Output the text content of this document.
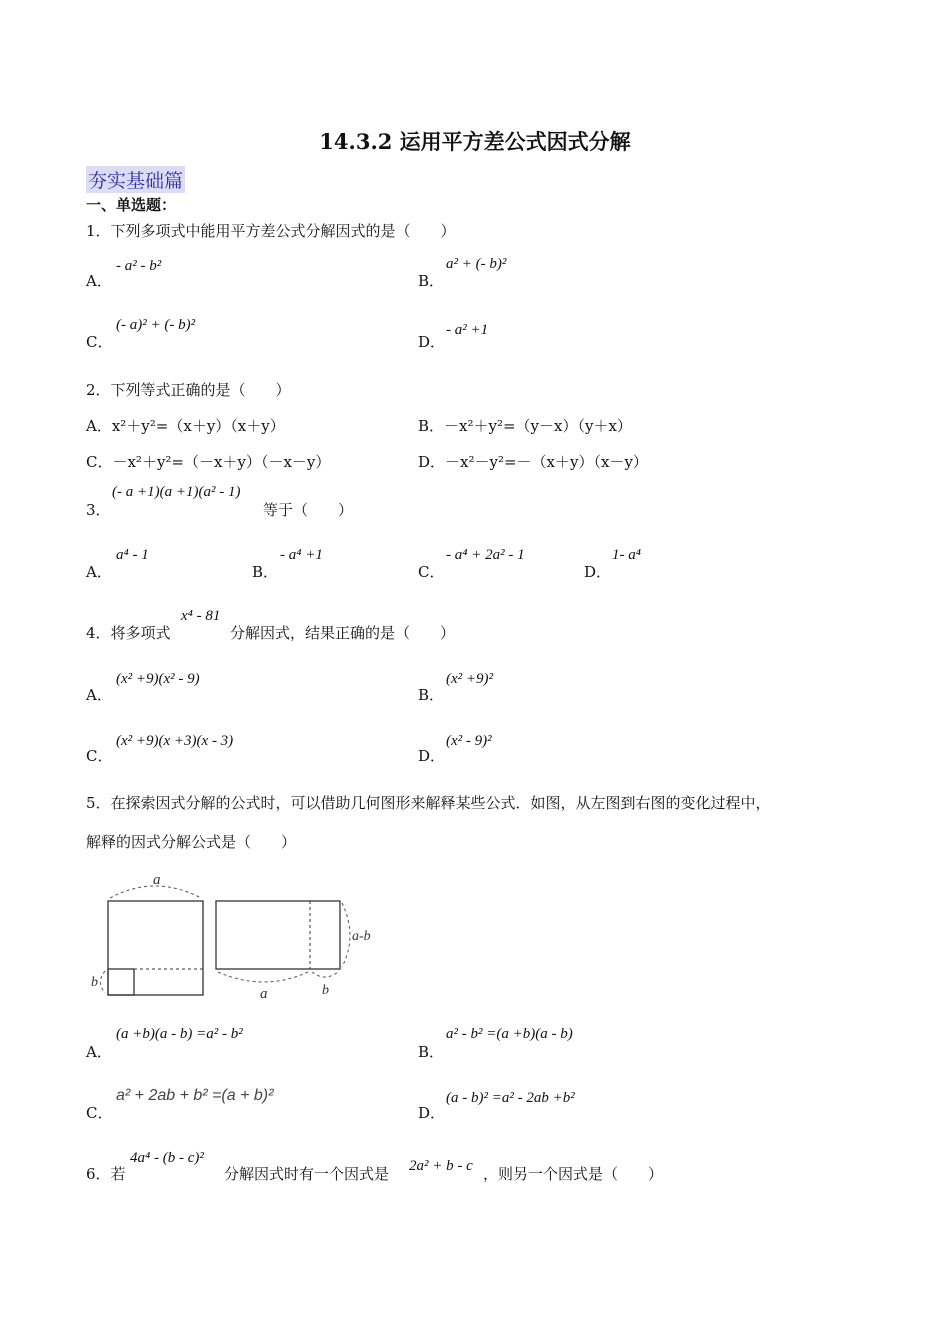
14.3.2 运用平方差公式因式分解
夯实基础篇
一、单选题：
1．下列多项式中能用平方差公式分解因式的是（　　）
A．
- a² - b²
B．
a² + (- b)²
C．
(- a)² + (- b)²
D．
- a² +1
2．下列等式正确的是（　　）
A．x²＋y²=（x＋y）（x＋y）	B．－x²＋y²=（y－x）（y＋x）
C．－x²＋y²=（－x＋y）（－x－y）	D．－x²－y²=－（x＋y）（x－y）
3．
(- a +1)(a +1)(a² - 1)
等于（　　）
A．
a⁴ - 1
B．
- a⁴ +1
C．
- a⁴ + 2a² - 1
D．
1- a⁴
4．将多项式
x⁴ - 81
分解因式，结果正确的是（　　）
A．
(x² +9)(x² - 9)
B．
(x² +9)²
C．
(x² +9)(x +3)(x - 3)
D．
(x² - 9)²
5．在探索因式分解的公式时，可以借助几何图形来解释某些公式．如图，从左图到右图的变化过程中，
解释的因式分解公式是（　　）
a
b
a-b
a	b
A．
(a +b)(a - b) =a² - b²
B．
a² - b² =(a +b)(a - b)
C．
a² + 2ab + b² =(a + b)²
D．
(a - b)² =a² - 2ab +b²
6．若
4a⁴ - (b - c)²
分解因式时有一个因式是 2a² + b - c ，则另一个因式是（　　）
